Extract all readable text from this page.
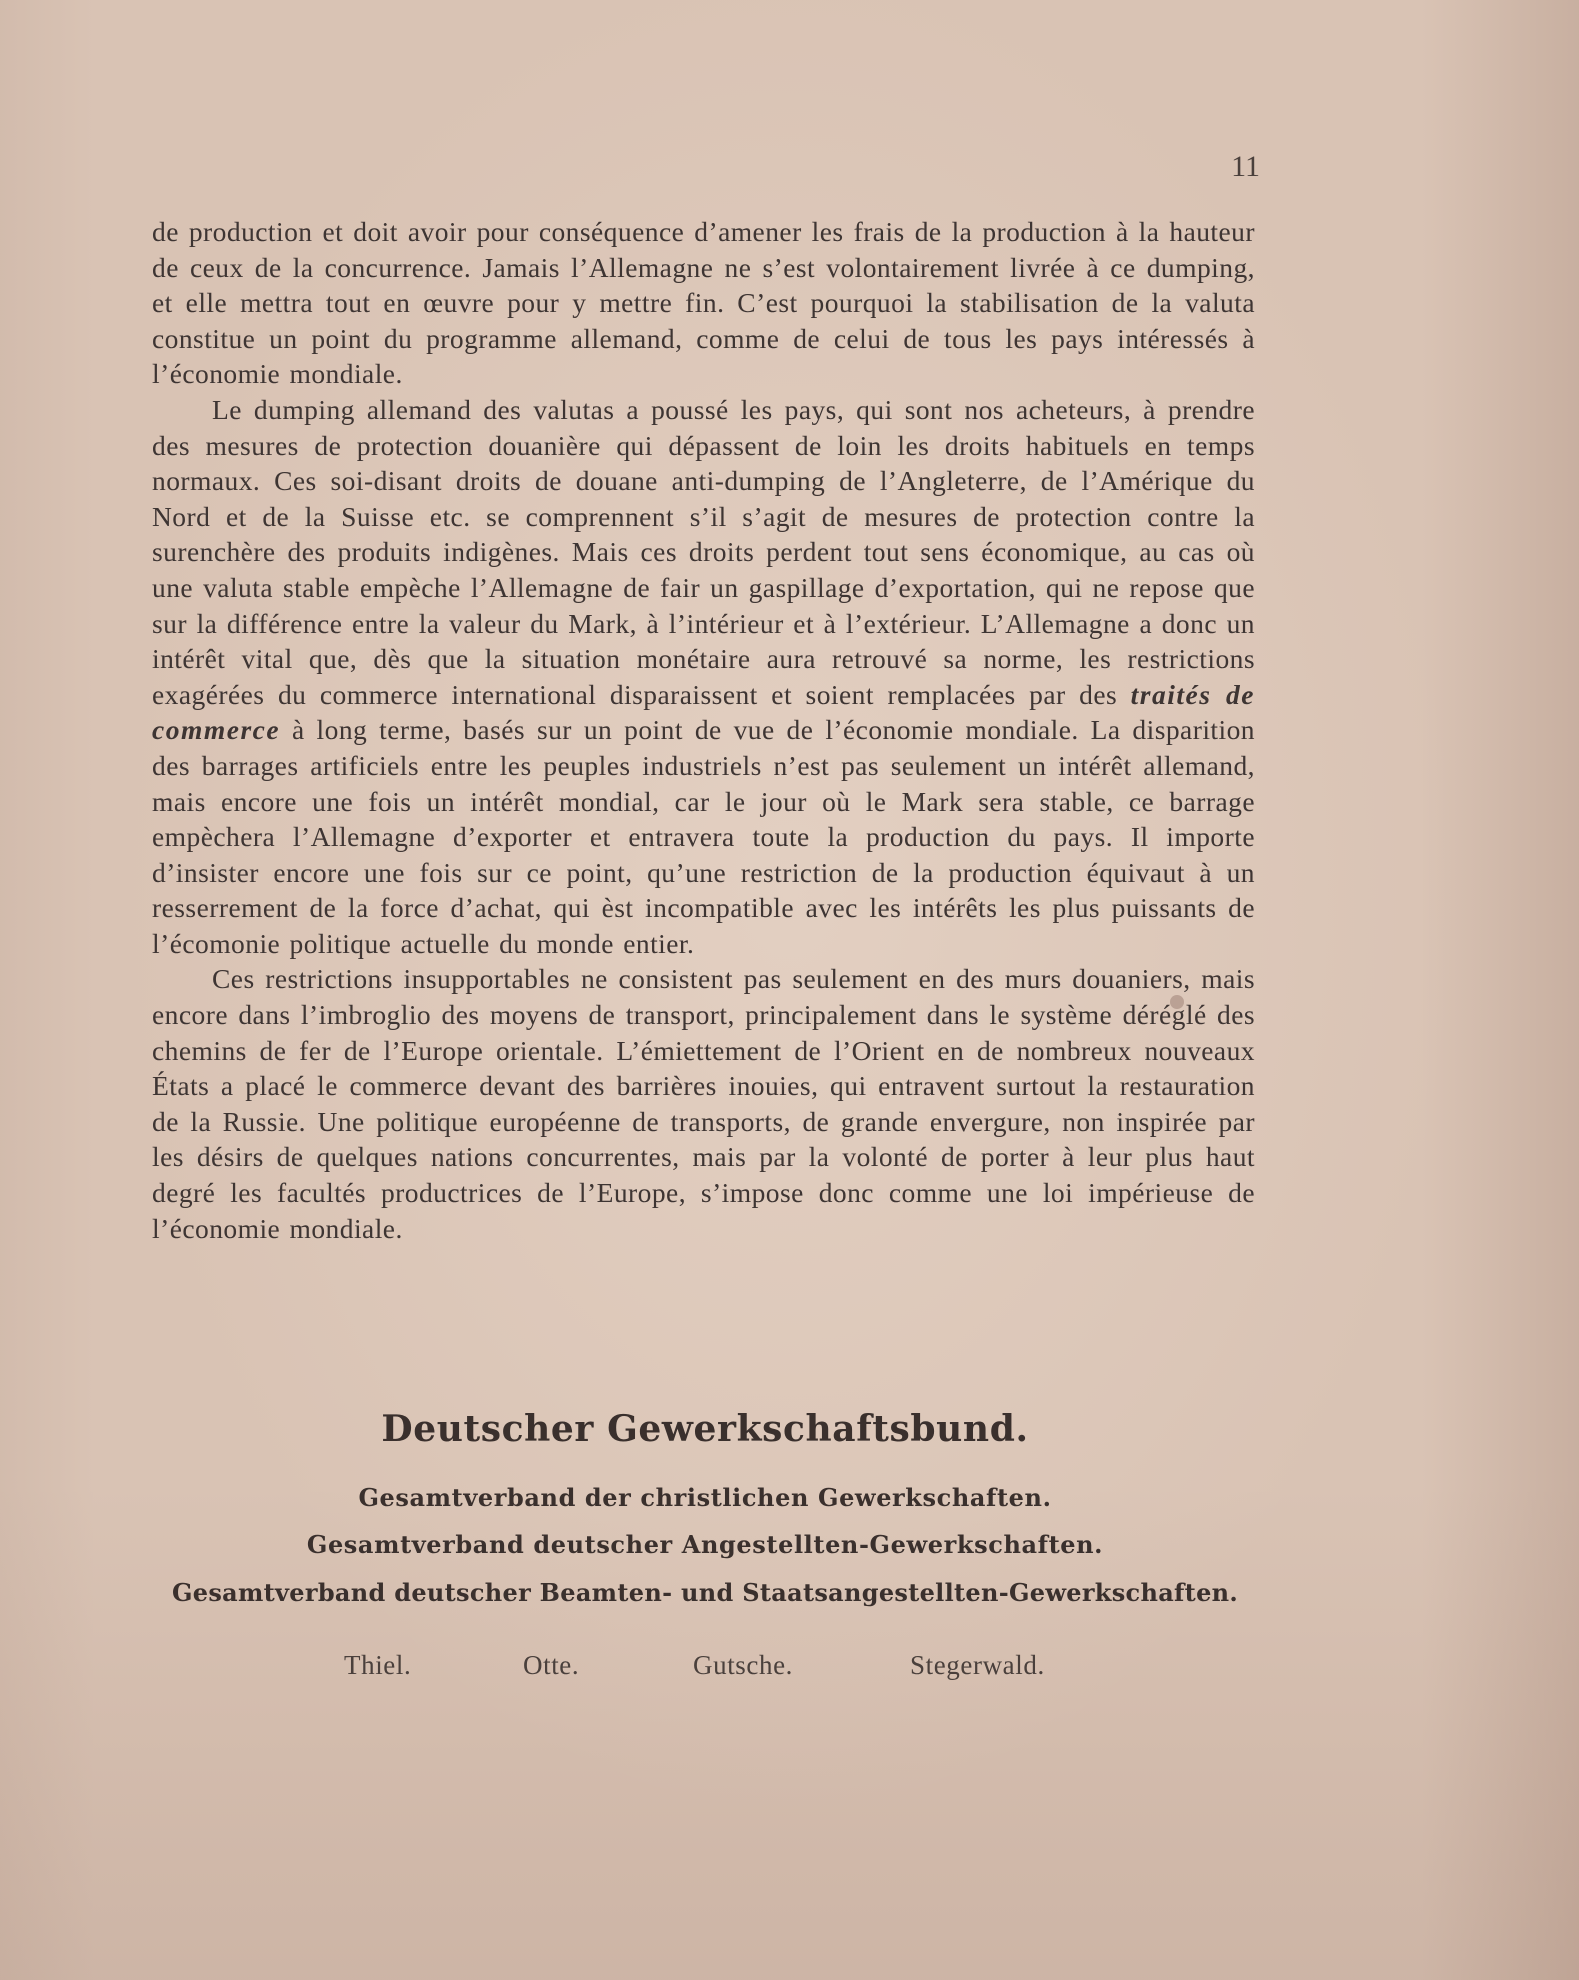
11

de production et doit avoir pour conséquence d’amener les frais de la production à la hauteur de ceux de la concurrence. Jamais l’Allemagne ne s’est volontairement livrée à ce dumping, et elle mettra tout en œuvre pour y mettre fin. C’est pourquoi la stabilisation de la valuta constitue un point du programme allemand, comme de celui de tous les pays intéressés à l’économie mondiale.

Le dumping allemand des valutas a poussé les pays, qui sont nos acheteurs, à prendre des mesures de protection douanière qui dépassent de loin les droits habituels en temps normaux. Ces soi-disant droits de douane anti-dumping de l’Angleterre, de l’Amérique du Nord et de la Suisse etc. se comprennent s’il s’agit de mesures de protection contre la surenchère des produits indigènes. Mais ces droits perdent tout sens économique, au cas où une valuta stable empèche l’Allemagne de fair un gaspillage d’exportation, qui ne repose que sur la différence entre la valeur du Mark, à l’intérieur et à l’extérieur. L’Allemagne a donc un intérêt vital que, dès que la situation monétaire aura retrouvé sa norme, les restrictions exagérées du commerce international disparaissent et soient remplacées par des traités de commerce à long terme, basés sur un point de vue de l’économie mondiale. La disparition des barrages artificiels entre les peuples industriels n’est pas seulement un intérêt allemand, mais encore une fois un intérêt mondial, car le jour où le Mark sera stable, ce barrage empèchera l’Allemagne d’exporter et entravera toute la production du pays. Il importe d’insister encore une fois sur ce point, qu’une restriction de la production équivaut à un resserrement de la force d’achat, qui èst incompatible avec les intérêts les plus puissants de l’écomonie politique actuelle du monde entier.

Ces restrictions insupportables ne consistent pas seulement en des murs douaniers, mais encore dans l’imbroglio des moyens de transport, principalement dans le système déréglé des chemins de fer de l’Europe orientale. L’émiettement de l’Orient en de nombreux nouveaux États a placé le commerce devant des barrières inouies, qui entravent surtout la restauration de la Russie. Une politique européenne de transports, de grande envergure, non inspirée par les désirs de quelques nations concurrentes, mais par la volonté de porter à leur plus haut degré les facultés productrices de l’Europe, s’impose donc comme une loi impérieuse de l’économie mondiale.

Deutscher Gewerkschaftsbund.
Gesamtverband der christlichen Gewerkschaften.
Gesamtverband deutscher Angestellten-Gewerkschaften.
Gesamtverband deutscher Beamten- und Staatsangestellten-Gewerkschaften.
Thiel.	Otte.	Gutsche.	Stegerwald.
